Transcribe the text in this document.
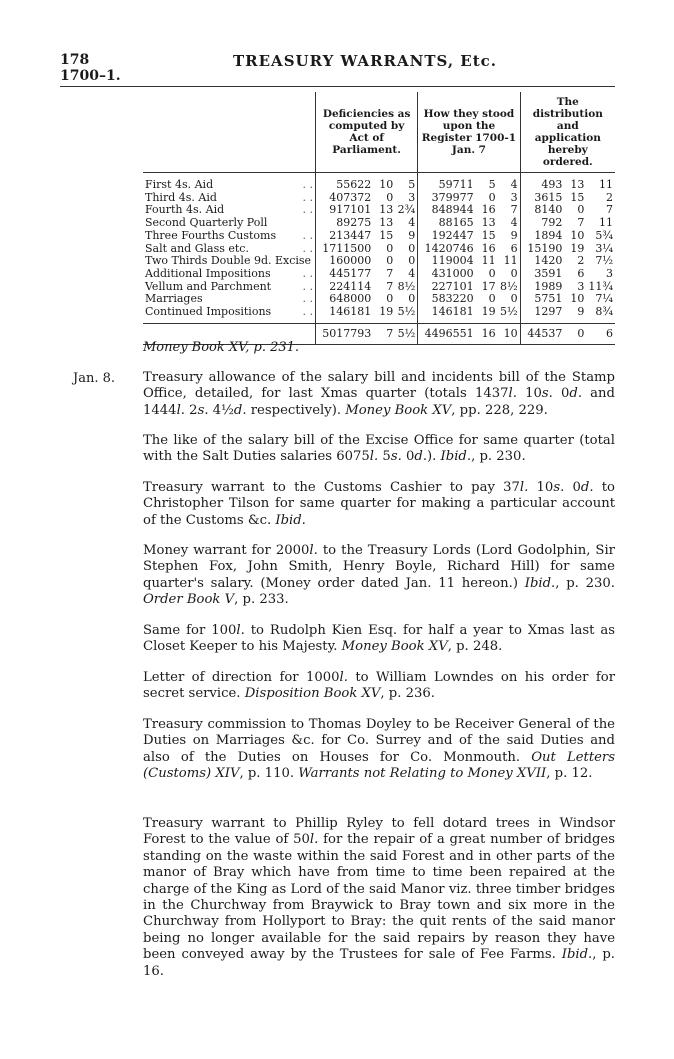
178
1700–1.
TREASURY WARRANTS, Etc.
	Deficiencies as computed by Act of Parliament.			How they stood upon the Register 1700-1 Jan. 7			The distribution and application hereby ordered.		
First 4s. Aid . .	55622	10	5	59711	5	4	493	13	11
Third 4s. Aid . .	407372	0	3	379977	0	3	3615	15	2
Fourth 4s. Aid . .	917101	13	2¾	848944	16	7	8140	0	7
Second Quarterly Poll	89275	13	4	88165	13	4	792	7	11
Three Fourths Customs . .	213447	15	9	192447	15	9	1894	10	5¾
Salt and Glass etc. . .	1711500	0	0	1420746	16	6	15190	19	3¼
Two Thirds Double 9d. Excise	160000	0	0	119004	11	11	1420	2	7½
Additional Impositions . .	445177	7	4	431000	0	0	3591	6	3
Vellum and Parchment . .	224114	7	8½	227101	17	8½	1989	3	11¾
Marriages . .	648000	0	0	583220	0	0	5751	10	7¼
Continued Impositions . .	146181	19	5½	146181	19	5½	1297	9	8¾
	5017793	7	5½	4496551	16	10	44537	0	6
Money Book XV, p. 231.
Jan. 8. Treasury allowance of the salary bill and incidents bill of the Stamp Office, detailed, for last Xmas quarter (totals 1437l. 10s. 0d. and 1444l. 2s. 4½d. respectively). Money Book XV, pp. 228, 229.
The like of the salary bill of the Excise Office for same quarter (total with the Salt Duties salaries 6075l. 5s. 0d.). Ibid., p. 230.
Treasury warrant to the Customs Cashier to pay 37l. 10s. 0d. to Christopher Tilson for same quarter for making a particular account of the Customs &c. Ibid.
Money warrant for 2000l. to the Treasury Lords (Lord Godolphin, Sir Stephen Fox, John Smith, Henry Boyle, Richard Hill) for same quarter's salary. (Money order dated Jan. 11 hereon.) Ibid., p. 230. Order Book V, p. 233.
Same for 100l. to Rudolph Kien Esq. for half a year to Xmas last as Closet Keeper to his Majesty. Money Book XV, p. 248.
Letter of direction for 1000l. to William Lowndes on his order for secret service. Disposition Book XV, p. 236.
Treasury commission to Thomas Doyley to be Receiver General of the Duties on Marriages &c. for Co. Surrey and of the said Duties and also of the Duties on Houses for Co. Monmouth. Out Letters (Customs) XIV, p. 110. Warrants not Relating to Money XVII, p. 12.
Treasury warrant to Phillip Ryley to fell dotard trees in Windsor Forest to the value of 50l. for the repair of a great number of bridges standing on the waste within the said Forest and in other parts of the manor of Bray which have from time to time been repaired at the charge of the King as Lord of the said Manor viz. three timber bridges in the Churchway from Braywick to Bray town and six more in the Churchway from Hollyport to Bray: the quit rents of the said manor being no longer available for the said repairs by reason they have been conveyed away by the Trustees for sale of Fee Farms. Ibid., p. 16.
